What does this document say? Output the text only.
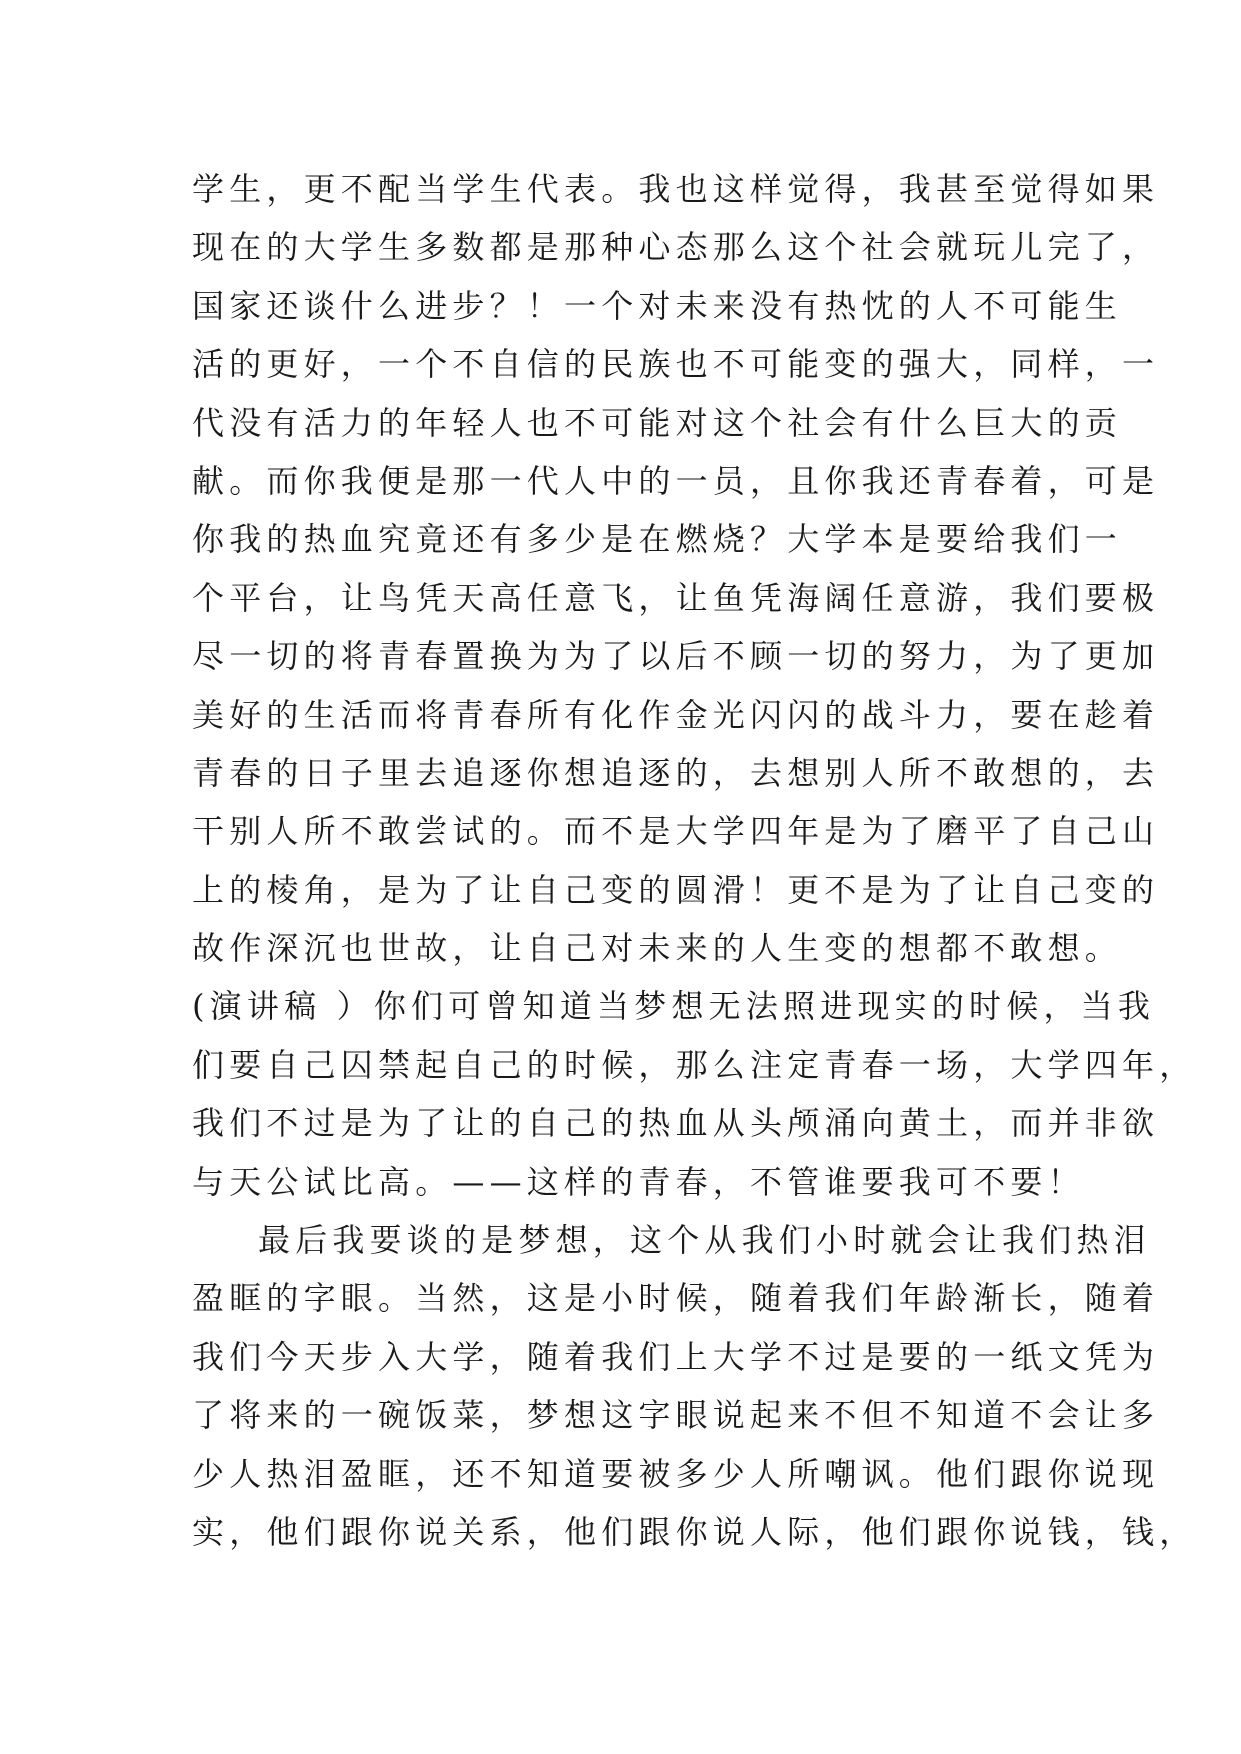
学生，更不配当学生代表。我也这样觉得，我甚至觉得如果
现在的大学生多数都是那种心态那么这个社会就玩儿完了，
国家还谈什么进步？！一个对未来没有热忱的人不可能生
活的更好，一个不自信的民族也不可能变的强大，同样，一
代没有活力的年轻人也不可能对这个社会有什么巨大的贡
献。而你我便是那一代人中的一员，且你我还青春着，可是
你我的热血究竟还有多少是在燃烧？大学本是要给我们一
个平台，让鸟凭天高任意飞，让鱼凭海阔任意游，我们要极
尽一切的将青春置换为为了以后不顾一切的努力，为了更加
美好的生活而将青春所有化作金光闪闪的战斗力，要在趁着
青春的日子里去追逐你想追逐的，去想别人所不敢想的，去
干别人所不敢尝试的。而不是大学四年是为了磨平了自己山
上的棱角，是为了让自己变的圆滑！更不是为了让自己变的
故作深沉也世故，让自己对未来的人生变的想都不敢想。
(演讲稿 ）你们可曾知道当梦想无法照进现实的时候，当我
们要自己囚禁起自己的时候，那么注定青春一场，大学四年，
我们不过是为了让的自己的热血从头颅涌向黄土，而并非欲
与天公试比高。——这样的青春，不管谁要我可不要！
最后我要谈的是梦想，这个从我们小时就会让我们热泪
盈眶的字眼。当然，这是小时候，随着我们年龄渐长，随着
我们今天步入大学，随着我们上大学不过是要的一纸文凭为
了将来的一碗饭菜，梦想这字眼说起来不但不知道不会让多
少人热泪盈眶，还不知道要被多少人所嘲讽。他们跟你说现
实，他们跟你说关系，他们跟你说人际，他们跟你说钱，钱，
